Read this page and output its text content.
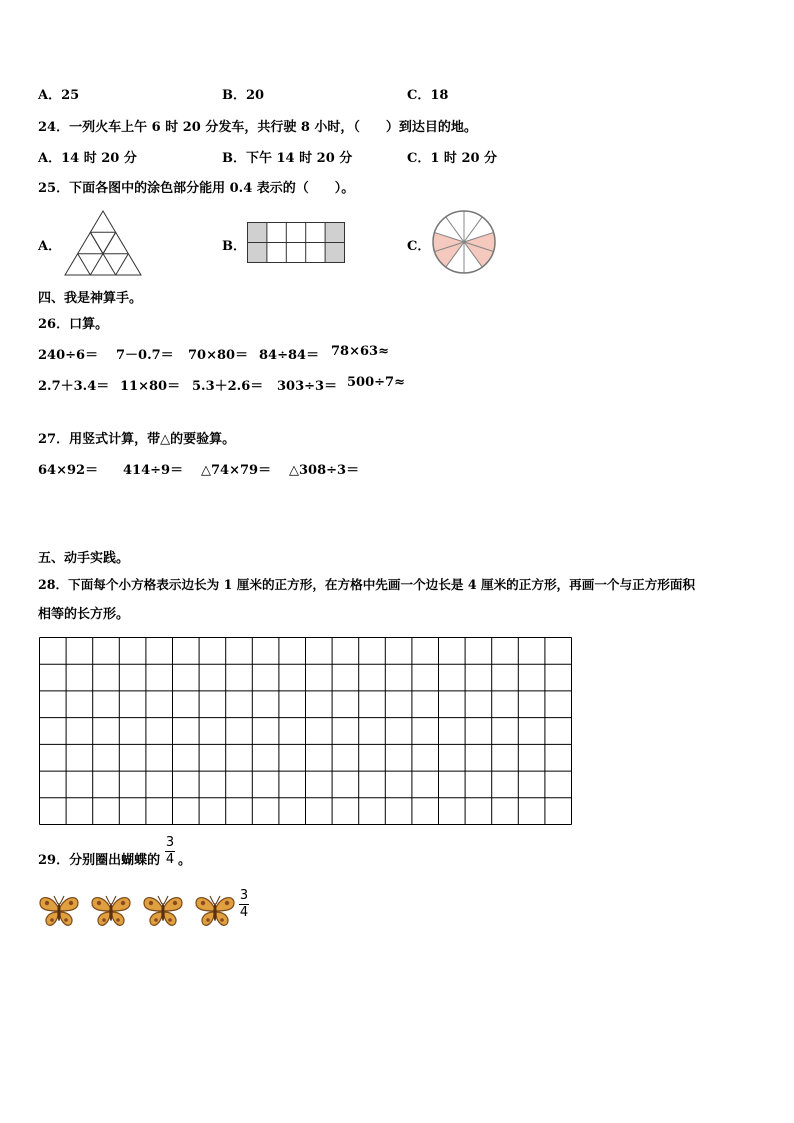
A．25	B．20	C．18
24．一列火车上午 6 时 20 分发车，共行驶 8 小时，（　　）到达目的地。
A．14 时 20 分	B．下午 14 时 20 分	C．1 时 20 分
25．下面各图中的涂色部分能用 0.4 表示的（　　）。
A．	B．	C．
四、我是神算手。
26．口算。
240÷6＝ 7－0.7＝ 70×80＝ 84÷84＝ 78×63≈
2.7＋3.4＝ 11×80＝ 5.3＋2.6＝ 303÷3＝ 500÷7≈
27．用竖式计算，带△的要验算。
64×92＝ 414÷9＝ △74×79＝ △308÷3＝
五、动手实践。
28．下面每个小方格表示边长为 1 厘米的正方形，在方格中先画一个边长是 4 厘米的正方形，再画一个与正方形面积
相等的长方形。
29．分别圈出蝴蝶的
3
4 。
3
4
